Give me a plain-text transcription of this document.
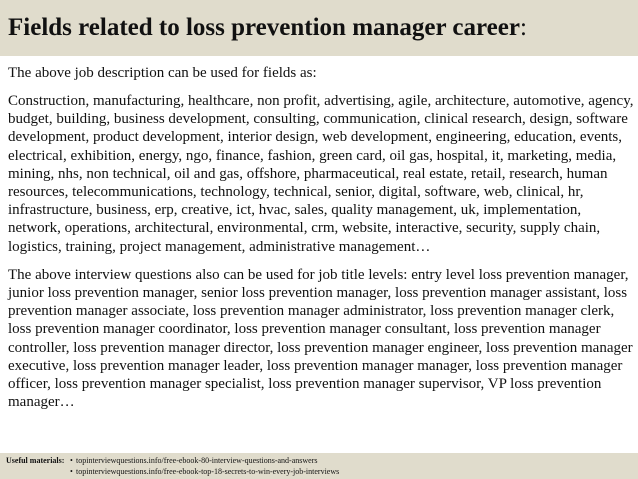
Fields related to loss prevention manager career :

The above job description can be used for fields as:

Construction, manufacturing, healthcare, non profit, advertising, agile, architecture, automotive, agency, budget, building, business development, consulting, communication, clinical research, design, software development, product development, interior design, web development, engineering, education, events, electrical, exhibition, energy, ngo, finance, fashion, green card, oil gas, hospital, it, marketing, media, mining, nhs, non technical, oil and gas, offshore, pharmaceutical, real estate, retail, research, human resources, telecommunications, technology, technical, senior, digital, software, web, clinical, hr, infrastructure, business, erp, creative, ict, hvac, sales, quality management, uk, implementation, network, operations, architectural, environmental, crm, website, interactive, security, supply chain, logistics, training, project management, administrative management…

The above interview questions also can be used for job title levels: entry level loss prevention manager, junior loss prevention manager, senior loss prevention manager, loss prevention manager assistant, loss prevention manager associate, loss prevention manager administrator, loss prevention manager clerk, loss prevention manager coordinator, loss prevention manager consultant, loss prevention manager controller, loss prevention manager director, loss prevention manager engineer, loss prevention manager executive, loss prevention manager leader, loss prevention manager manager, loss prevention manager officer, loss prevention manager specialist, loss prevention manager supervisor, VP loss prevention manager…

Useful materials: • topinterviewquestions.info/free-ebook-80-interview-questions-and-answers
• topinterviewquestions.info/free-ebook-top-18-secrets-to-win-every-job-interviews
